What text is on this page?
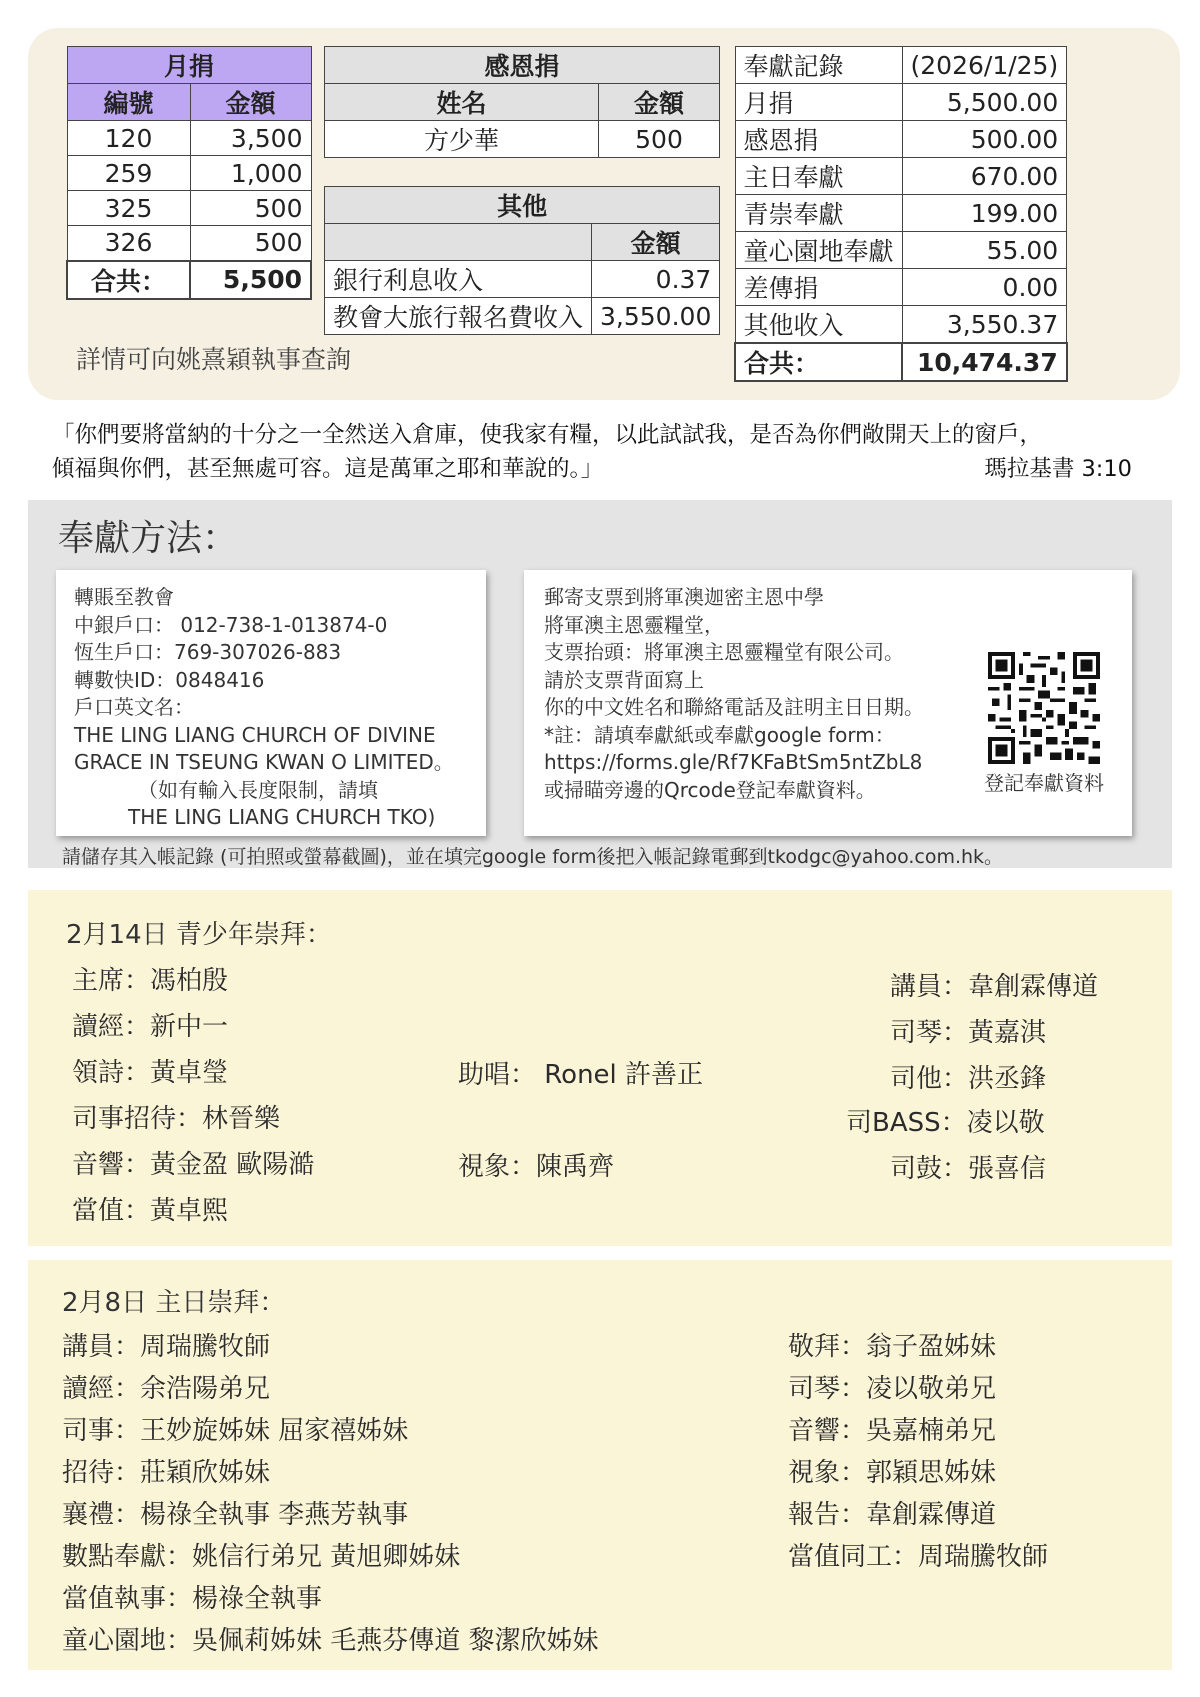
月捐	
編號	金額
120	3,500
259	1,000
325	500
326	500
合共：	5,500
感恩捐	
姓名	金額
方少華	500
其他	
	金額
銀行利息收入	0.37
教會大旅行報名費收入	3,550.00
奉獻記錄	(2026/1/25)
月捐	5,500.00
感恩捐	500.00
主日奉獻	670.00
青崇奉獻	199.00
童心園地奉獻	55.00
差傳捐	0.00
其他收入	3,550.37
合共：	10,474.37
詳情可向姚熹穎執事查詢
「你們要將當納的十分之一全然送入倉庫，使我家有糧，以此試試我，是否為你們敞開天上的窗戶，
傾福與你們，甚至無處可容。這是萬軍之耶和華說的。」	瑪拉基書 3:10
奉獻方法：
轉賬至教會
中銀戶口： 012-738-1-013874-0
恆生戶口：769-307026-883
轉數快ID：0848416
戶口英文名：
THE LING LIANG CHURCH OF DIVINE
GRACE IN TSEUNG KWAN O LIMITED。
（如有輸入長度限制，請填
THE LING LIANG CHURCH TKO)
郵寄支票到將軍澳迦密主恩中學
將軍澳主恩靈糧堂，
支票抬頭：將軍澳主恩靈糧堂有限公司。
請於支票背面寫上
你的中文姓名和聯絡電話及註明主日日期。
*註：請填奉獻紙或奉獻google form：
https://forms.gle/Rf7KFaBtSm5ntZbL8
或掃瞄旁邊的Qrcode登記奉獻資料。	登記奉獻資料
請儲存其入帳記錄 (可拍照或螢幕截圖)，並在填完google form後把入帳記錄電郵到tkodgc@yahoo.com.hk。
2月14日 青少年崇拜：
主席：馮柏殷
讀經：新中一
領詩：黃卓瑩
司事招待：林晉樂
音響：黃金盈 歐陽澔
當值：黃卓熙
助唱： Ronel 許善正
視象：陳禹齊
講員：韋創霖傳道
司琴：黃嘉淇
司他：洪丞鋒
司BASS：凌以敬
司鼓：張喜信
2月8日 主日崇拜：
講員：周瑞騰牧師
讀經：余浩陽弟兄
司事：王妙旋姊妹 屈家禧姊妹
招待：莊穎欣姊妹
襄禮：楊祿全執事 李燕芳執事
數點奉獻：姚信行弟兄 黃旭卿姊妹
當值執事：楊祿全執事
童心園地：吳佩莉姊妹 毛燕芬傳道 黎潔欣姊妹
敬拜：翁子盈姊妹
司琴：凌以敬弟兄
音響：吳嘉楠弟兄
視象：郭穎思姊妹
報告：韋創霖傳道
當值同工：周瑞騰牧師
